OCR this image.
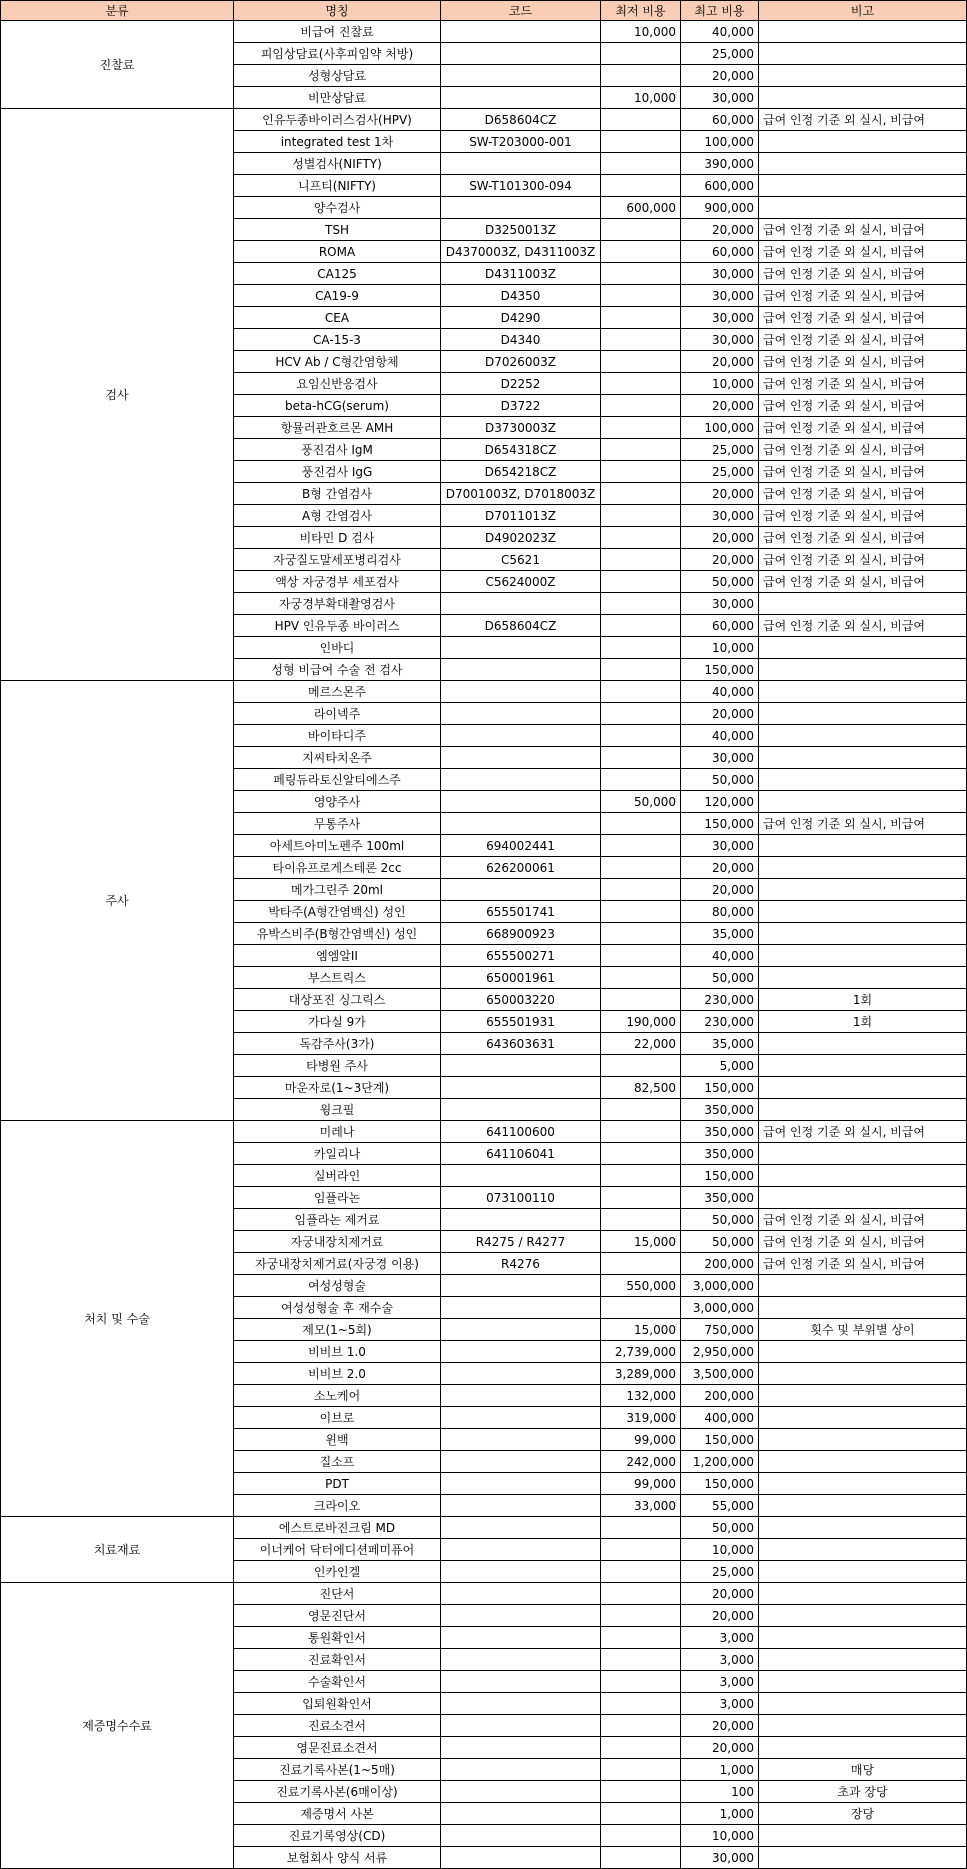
분류	명칭	코드	최저 비용	최고 비용	비고
진찰료	비급여 진찰료		10,000	40,000	
	피임상담료(사후피임약 처방)			25,000	
	성형상담료			20,000	
	비만상담료		10,000	30,000	
검사	인유두종바이러스검사(HPV)	D658604CZ		60,000	급여 인정 기준 외 실시, 비급여
	integrated test 1차	SW-T203000-001		100,000	
	성별검사(NIFTY)			390,000	
	니프티(NIFTY)	SW-T101300-094		600,000	
	양수검사		600,000	900,000	
	TSH	D3250013Z		20,000	급여 인정 기준 외 실시, 비급여
	ROMA	D4370003Z, D4311003Z		60,000	급여 인정 기준 외 실시, 비급여
	CA125	D4311003Z		30,000	급여 인정 기준 외 실시, 비급여
	CA19-9	D4350		30,000	급여 인정 기준 외 실시, 비급여
	CEA	D4290		30,000	급여 인정 기준 외 실시, 비급여
	CA-15-3	D4340		30,000	급여 인정 기준 외 실시, 비급여
	HCV Ab / C형간염항체	D7026003Z		20,000	급여 인정 기준 외 실시, 비급여
	요임신반응검사	D2252		10,000	급여 인정 기준 외 실시, 비급여
	beta-hCG(serum)	D3722		20,000	급여 인정 기준 외 실시, 비급여
	항뮬러관호르몬 AMH	D3730003Z		100,000	급여 인정 기준 외 실시, 비급여
	풍진검사 IgM	D654318CZ		25,000	급여 인정 기준 외 실시, 비급여
	풍진검사 IgG	D654218CZ		25,000	급여 인정 기준 외 실시, 비급여
	B형 간염검사	D7001003Z, D7018003Z		20,000	급여 인정 기준 외 실시, 비급여
	A형 간염검사	D7011013Z		30,000	급여 인정 기준 외 실시, 비급여
	비타민 D 검사	D4902023Z		20,000	급여 인정 기준 외 실시, 비급여
	자궁질도말세포병리검사	C5621		20,000	급여 인정 기준 외 실시, 비급여
	액상 자궁경부 세포검사	C5624000Z		50,000	급여 인정 기준 외 실시, 비급여
	자궁경부확대촬영검사			30,000	
	HPV 인유두종 바이러스	D658604CZ		60,000	급여 인정 기준 외 실시, 비급여
	인바디			10,000	
	성형 비급여 수술 전 검사			150,000	
주사	메르스몬주			40,000	
	라이넥주			20,000	
	바이타디주			40,000	
	지씨타치온주			30,000	
	페링듀라토신알티에스주			50,000	
	영양주사		50,000	120,000	
	무통주사			150,000	급여 인정 기준 외 실시, 비급여
	아세트아미노펜주 100ml	694002441		30,000	
	타이유프로게스테론 2cc	626200061		20,000	
	메가그린주 20ml			20,000	
	박타주(A형간염백신) 성인	655501741		80,000	
	유박스비주(B형간염백신) 성인	668900923		35,000	
	엠엠알II	655500271		40,000	
	부스트릭스	650001961		50,000	
	대상포진 싱그릭스	650003220		230,000	1회
	가다실 9가	655501931	190,000	230,000	1회
	독감주사(3가)	643603631	22,000	35,000	
	타병원 주사			5,000	
	마운자로(1~3단계)		82,500	150,000	
	윙크필			350,000	
처치 및 수술	미레나	641100600		350,000	급여 인정 기준 외 실시, 비급여
	카일리나	641106041		350,000	
	실버라인			150,000	
	임플라논	073100110		350,000	
	임플라논 제거료			50,000	급여 인정 기준 외 실시, 비급여
	자궁내장치제거료	R4275 / R4277	15,000	50,000	급여 인정 기준 외 실시, 비급여
	자궁내장치제거료(자궁경 이용)	R4276		200,000	급여 인정 기준 외 실시, 비급여
	여성성형술		550,000	3,000,000	
	여성성형술 후 재수술			3,000,000	
	제모(1~5회)		15,000	750,000	횟수 및 부위별 상이
	비비브 1.0		2,739,000	2,950,000	
	비비브 2.0		3,289,000	3,500,000	
	소노케어		132,000	200,000	
	이브로		319,000	400,000	
	윈백		99,000	150,000	
	질소프		242,000	1,200,000	
	PDT		99,000	150,000	
	크라이오		33,000	55,000	
치료재료	에스트로바진크림 MD			50,000	
	이너케어 닥터에디션페미퓨어			10,000	
	인카인겔			25,000	
제증명수수료	진단서			20,000	
	영문진단서			20,000	
	통원확인서			3,000	
	진료확인서			3,000	
	수술확인서			3,000	
	입퇴원확인서			3,000	
	진료소견서			20,000	
	영문진료소견서			20,000	
	진료기록사본(1~5매)			1,000	매당
	진료기록사본(6매이상)			100	초과 장당
	제증명서 사본			1,000	장당
	진료기록영상(CD)			10,000	
	보험회사 양식 서류			30,000	
